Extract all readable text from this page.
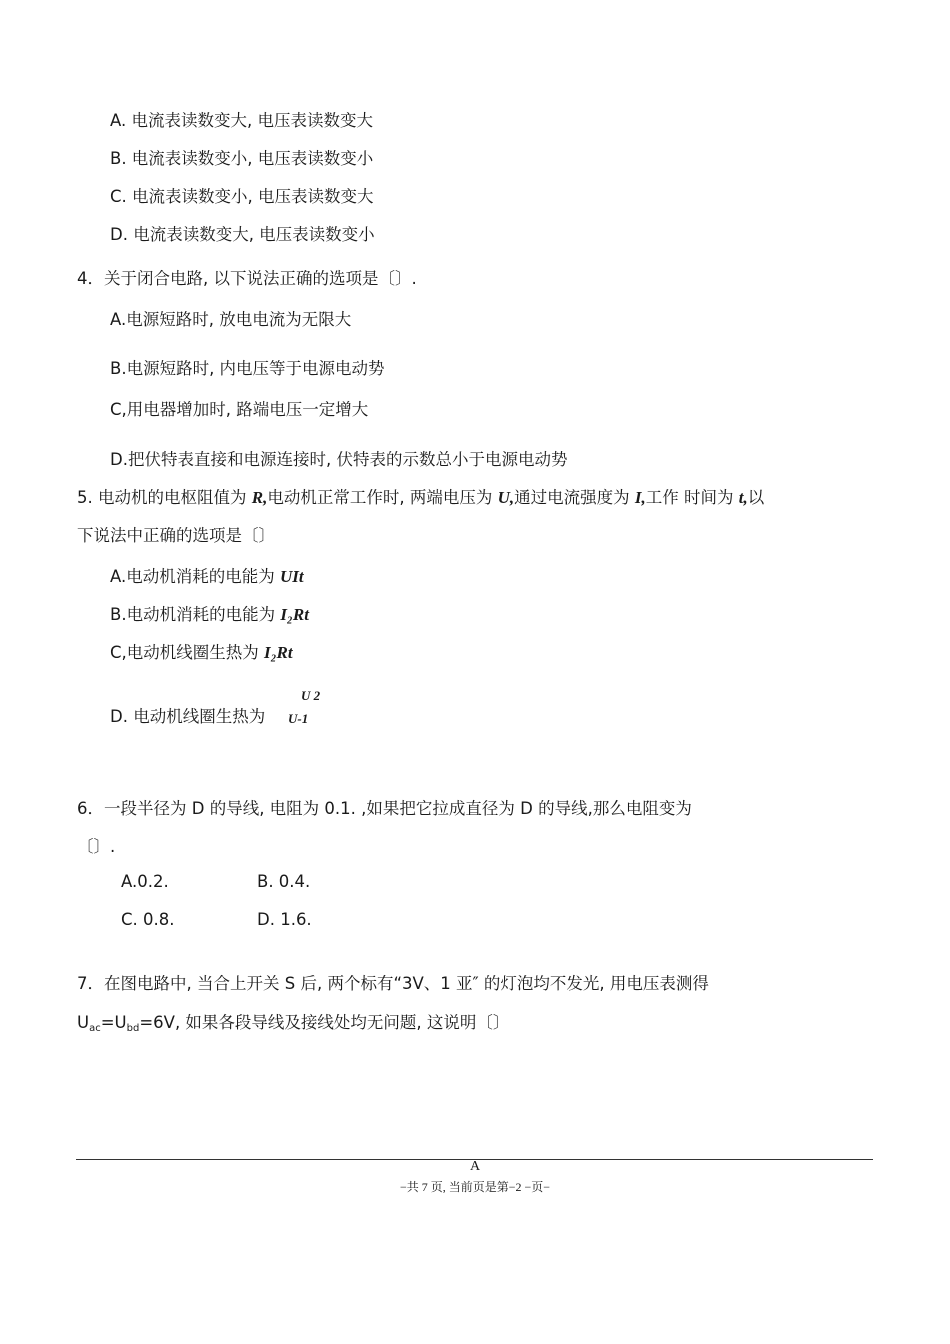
A. 电流表读数变大, 电压表读数变大
B. 电流表读数变小, 电压表读数变小
C. 电流表读数变小, 电压表读数变大
D. 电流表读数变大, 电压表读数变小
4．关于闭合电路, 以下说法正确的选项是〔〕.
A.电源短路时, 放电电流为无限大
B.电源短路时, 内电压等于电源电动势
C,用电器增加时, 路端电压一定增大
D.把伏特表直接和电源连接时, 伏特表的示数总小于电源电动势
5. 电动机的电枢阻值为 R,电动机正常工作时, 两端电压为 U,通过电流强度为 I,工作 时间为 t,以
下说法中正确的选项是〔〕
A.电动机消耗的电能为 UIt
B.电动机消耗的电能为 I₂Rt
C,电动机线圈生热为 I₂Rt
D. 电动机线圈生热为
U 2
U-1
6．一段半径为 D 的导线, 电阻为 0.1. ,如果把它拉成直径为 D 的导线,那么电阻变为
〔〕.
A.0.2.	B. 0.4.
C. 0.8.	D. 1.6.
7．在图电路中, 当合上开关 S 后, 两个标有“3V、1 亚″ 的灯泡均不发光, 用电压表测得
$U_{ac}=U_{bd}=6V$, 如果各段导线及接线处均无问题, 这说明〔〕
A
−共 7 页, 当前页是第−2 −页−
